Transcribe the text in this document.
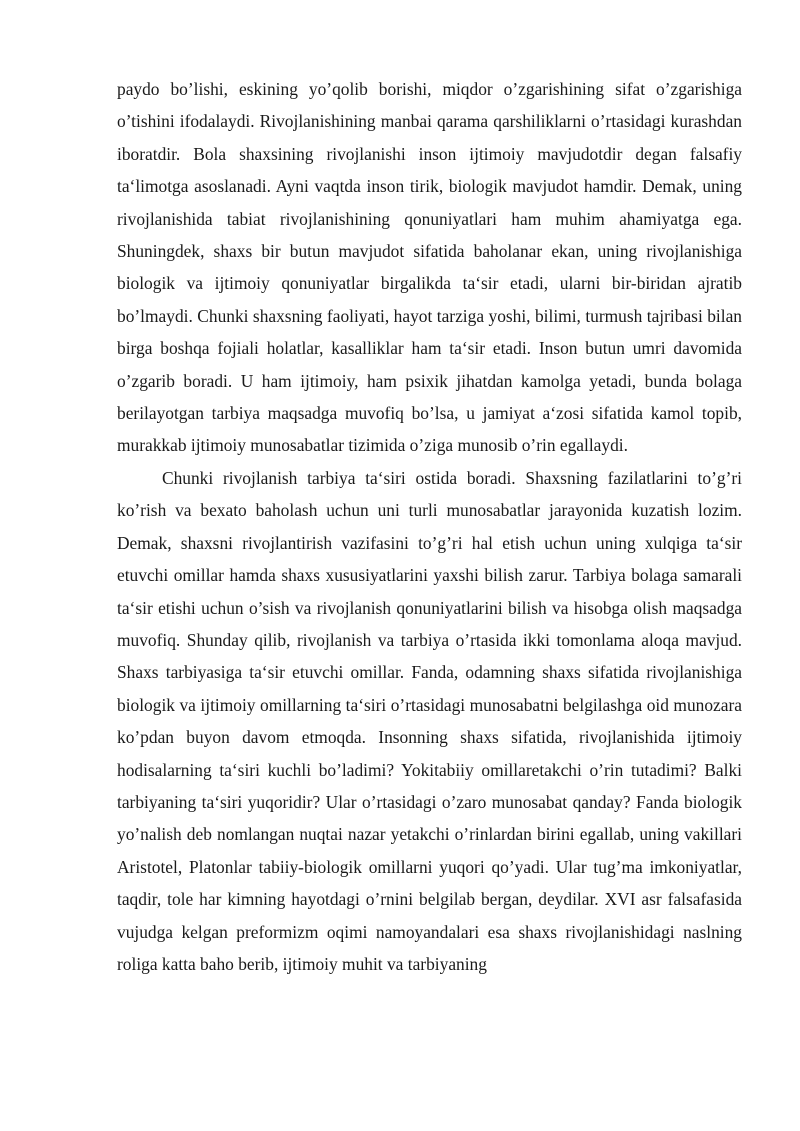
paydo bo’lishi, eskining yo’qolib borishi, miqdor o’zgarishining sifat o’zgarishiga o’tishini ifodalaydi. Rivojlanishining manbai qarama qarshiliklarni o’rtasidagi kurashdan iboratdir. Bola shaxsining rivojlanishi inson ijtimoiy mavjudotdir degan falsafiy ta‘limotga asoslanadi. Ayni vaqtda inson tirik, biologik mavjudot hamdir. Demak, uning rivojlanishida tabiat rivojlanishining qonuniyatlari ham muhim ahamiyatga ega. Shuningdek, shaxs bir butun mavjudot sifatida baholanar ekan, uning rivojlanishiga biologik va ijtimoiy qonuniyatlar birgalikda ta‘sir etadi, ularni bir-biridan ajratib bo’lmaydi. Chunki shaxsning faoliyati, hayot tarziga yoshi, bilimi, turmush tajribasi bilan birga boshqa fojiali holatlar, kasalliklar ham ta‘sir etadi. Inson butun umri davomida o’zgarib boradi. U ham ijtimoiy, ham psixik jihatdan kamolga yetadi, bunda bolaga berilayotgan tarbiya maqsadga muvofiq bo’lsa, u jamiyat a‘zosi sifatida kamol topib, murakkab ijtimoiy munosabatlar tizimida o’ziga munosib o’rin egallaydi.

Chunki rivojlanish tarbiya ta‘siri ostida boradi. Shaxsning fazilatlarini to’g’ri ko’rish va bexato baholash uchun uni turli munosabatlar jarayonida kuzatish lozim. Demak, shaxsni rivojlantirish vazifasini to’g’ri hal etish uchun uning xulqiga ta‘sir etuvchi omillar hamda shaxs xususiyatlarini yaxshi bilish zarur. Tarbiya bolaga samarali ta‘sir etishi uchun o’sish va rivojlanish qonuniyatlarini bilish va hisobga olish maqsadga muvofiq. Shunday qilib, rivojlanish va tarbiya o’rtasida ikki tomonlama aloqa mavjud. Shaxs tarbiyasiga ta‘sir etuvchi omillar. Fanda, odamning shaxs sifatida rivojlanishiga biologik va ijtimoiy omillarning ta‘siri o’rtasidagi munosabatni belgilashga oid munozara ko’pdan buyon davom etmoqda. Insonning shaxs sifatida, rivojlanishida ijtimoiy hodisalarning ta‘siri kuchli bo’ladimi? Yokitabiiy omillaretakchi o’rin tutadimi? Balki tarbiyaning ta‘siri yuqoridir? Ular o’rtasidagi o’zaro munosabat qanday? Fanda biologik yo’nalish deb nomlangan nuqtai nazar yetakchi o’rinlardan birini egallab, uning vakillari Aristotel, Platonlar tabiiy-biologik omillarni yuqori qo’yadi. Ular tug’ma imkoniyatlar, taqdir, tole har kimning hayotdagi o’rnini belgilab bergan, deydilar. XVI asr falsafasida vujudga kelgan preformizm oqimi namoyandalari esa shaxs rivojlanishidagi naslning roliga katta baho berib, ijtimoiy muhit va tarbiyaning
